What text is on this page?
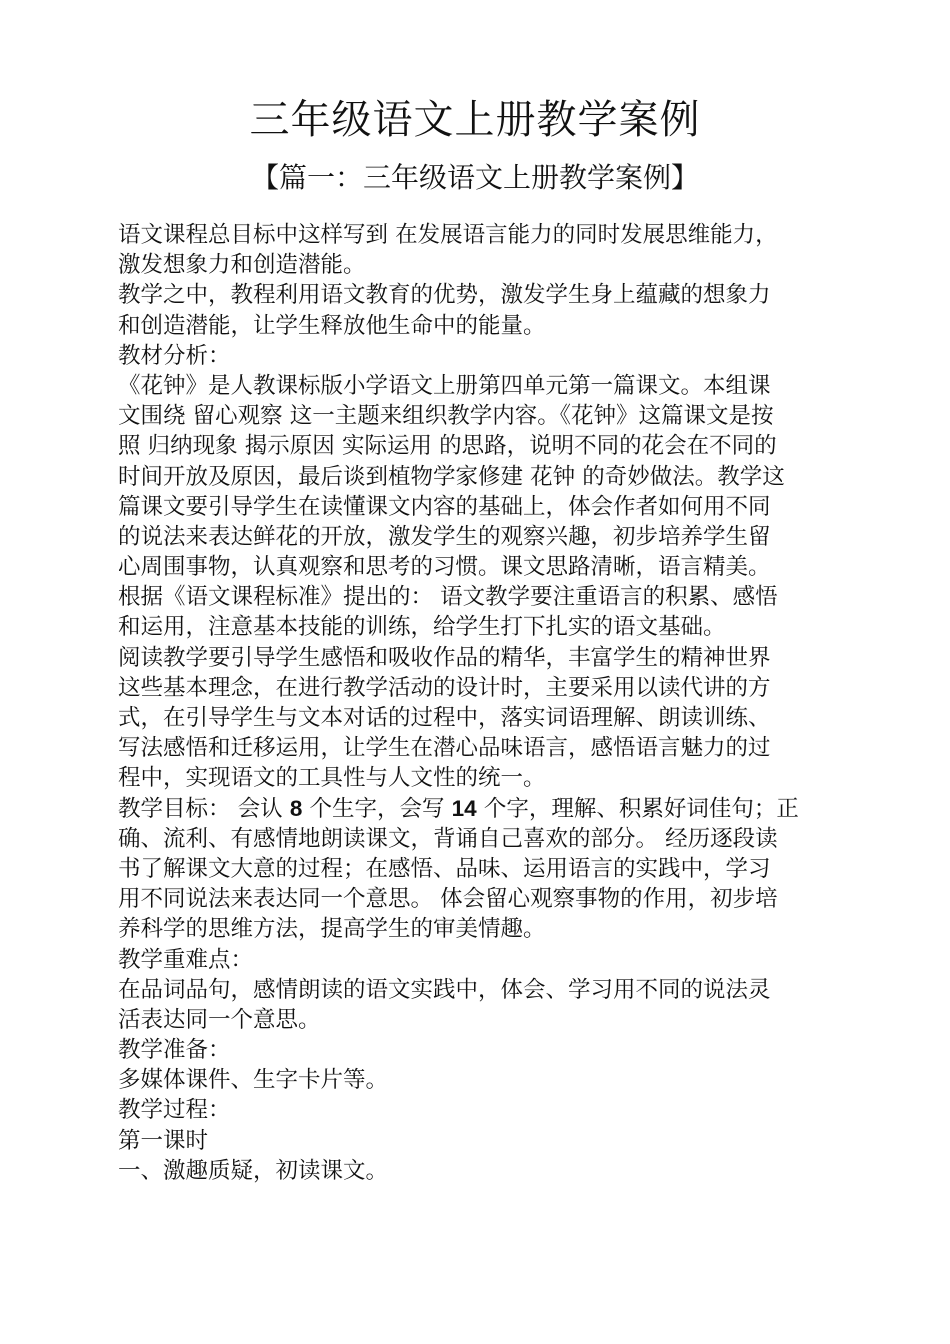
三年级语文上册教学案例
【篇一：三年级语文上册教学案例】
语文课程总目标中这样写到 在发展语言能力的同时发展思维能力，
激发想象力和创造潜能。
教学之中，教程利用语文教育的优势，激发学生身上蕴藏的想象力
和创造潜能，让学生释放他生命中的能量。
教材分析：
《花钟》是人教课标版小学语文上册第四单元第一篇课文。本组课
文围绕 留心观察 这一主题来组织教学内容。《花钟》这篇课文是按
照 归纳现象 揭示原因 实际运用 的思路，说明不同的花会在不同的
时间开放及原因，最后谈到植物学家修建 花钟 的奇妙做法。教学这
篇课文要引导学生在读懂课文内容的基础上，体会作者如何用不同
的说法来表达鲜花的开放，激发学生的观察兴趣，初步培养学生留
心周围事物，认真观察和思考的习惯。课文思路清晰，语言精美。
根据《语文课程标准》提出的： 语文教学要注重语言的积累、感悟
和运用，注意基本技能的训练，给学生打下扎实的语文基础。
阅读教学要引导学生感悟和吸收作品的精华，丰富学生的精神世界
这些基本理念，在进行教学活动的设计时，主要采用以读代讲的方
式，在引导学生与文本对话的过程中，落实词语理解、朗读训练、
写法感悟和迁移运用，让学生在潜心品味语言，感悟语言魅力的过
程中，实现语文的工具性与人文性的统一。
教学目标： 会认 8 个生字，会写 14 个字，理解、积累好词佳句；正
确、流利、有感情地朗读课文，背诵自己喜欢的部分。 经历逐段读
书了解课文大意的过程；在感悟、品味、运用语言的实践中，学习
用不同说法来表达同一个意思。 体会留心观察事物的作用，初步培
养科学的思维方法，提高学生的审美情趣。
教学重难点：
在品词品句，感情朗读的语文实践中，体会、学习用不同的说法灵
活表达同一个意思。
教学准备：
多媒体课件、生字卡片等。
教学过程：
第一课时
一、激趣质疑，初读课文。
